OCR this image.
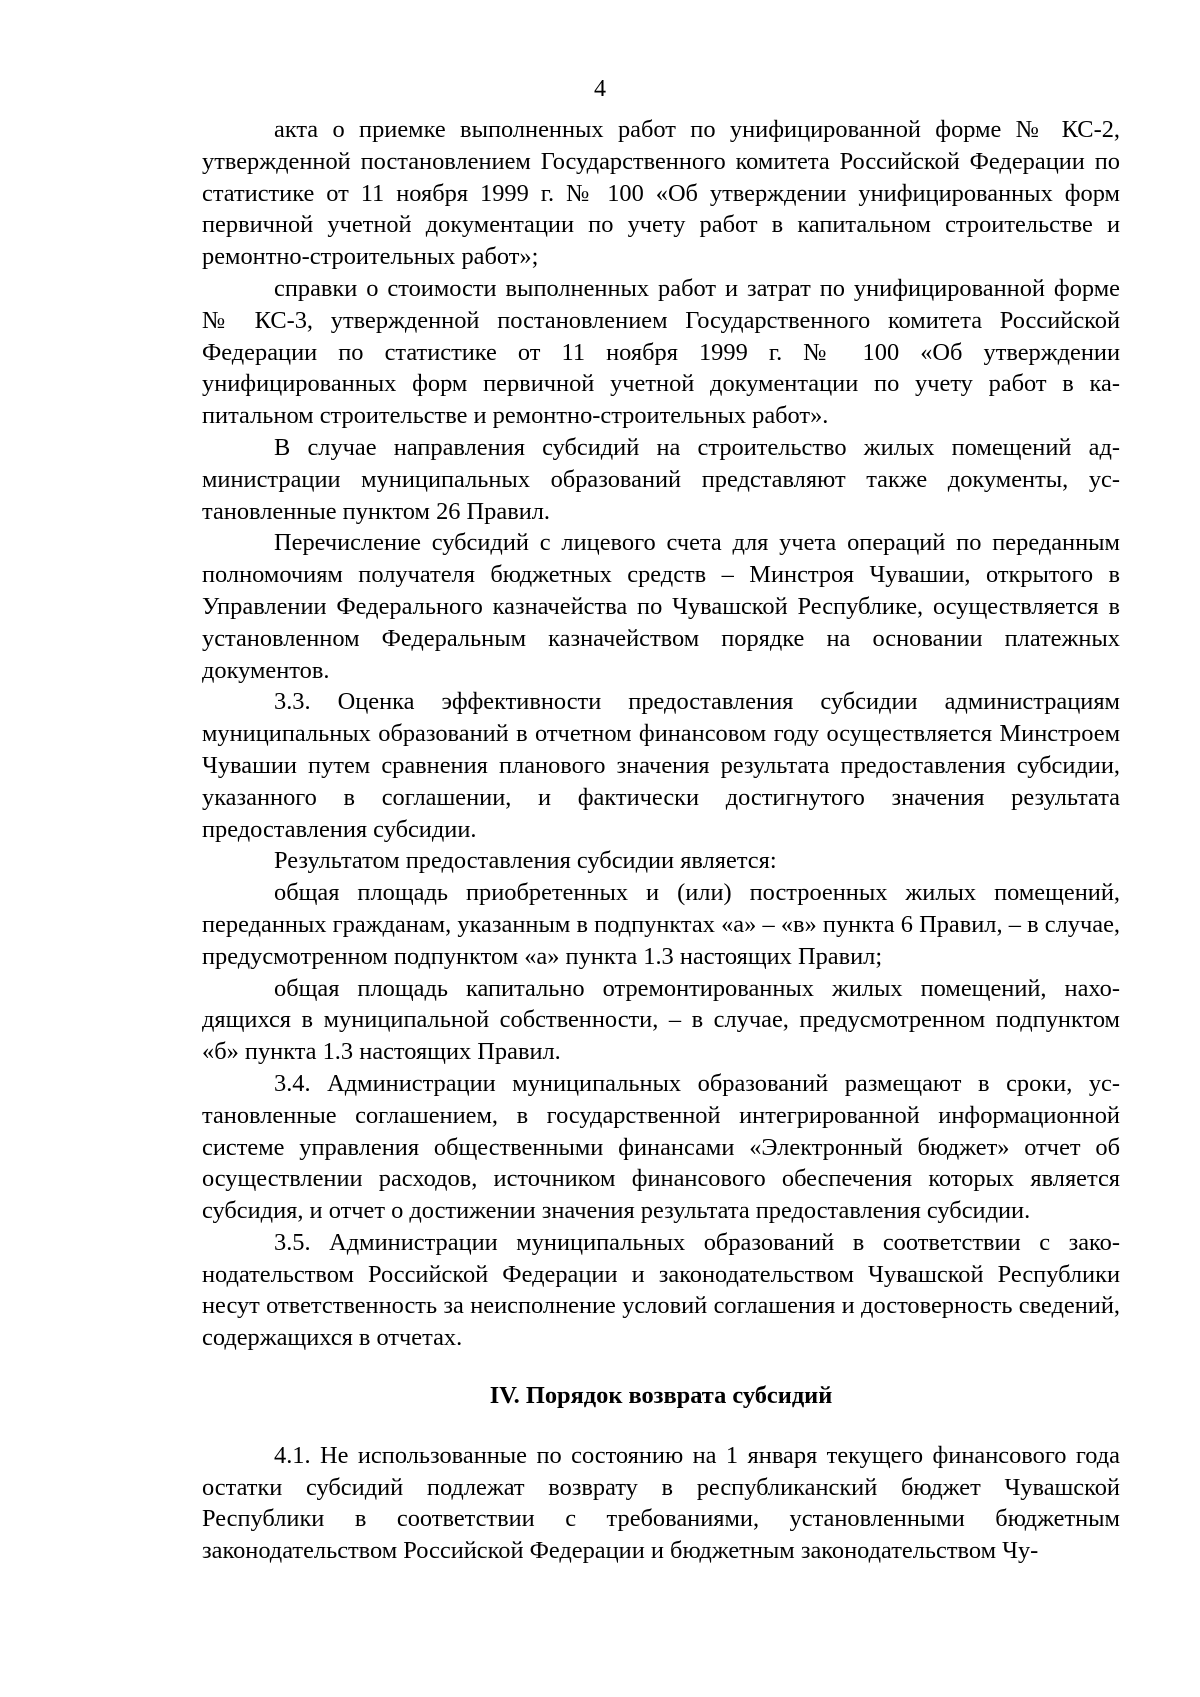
4

акта о приемке выполненных работ по унифицированной форме № КС-2, утвержденной постановлением Государственного комитета Российской Федерации по статистике от 11 ноября 1999 г. № 100 «Об утверждении унифицированных форм первичной учетной документации по учету работ в капитальном строительстве и ремонтно-строительных работ»;

справки о стоимости выполненных работ и затрат по унифицированной форме № КС-3, утвержденной постановлением Государственного комитета Российской Федерации по статистике от 11 ноября 1999 г. № 100 «Об утверждении унифицированных форм первичной учетной документации по учету работ в капитальном строительстве и ремонтно-строительных работ».

В случае направления субсидий на строительство жилых помещений администрации муниципальных образований представляют также документы, установленные пунктом 26 Правил.

Перечисление субсидий с лицевого счета для учета операций по переданным полномочиям получателя бюджетных средств – Минстроя Чувашии, открытого в Управлении Федерального казначейства по Чувашской Республике, осуществляется в установленном Федеральным казначейством порядке на основании платежных документов.

3.3. Оценка эффективности предоставления субсидии администрациям муниципальных образований в отчетном финансовом году осуществляется Минстроем Чувашии путем сравнения планового значения результата предоставления субсидии, указанного в соглашении, и фактически достигнутого значения результата предоставления субсидии.

Результатом предоставления субсидии является:

общая площадь приобретенных и (или) построенных жилых помещений, переданных гражданам, указанным в подпунктах «а» – «в» пункта 6 Правил, – в случае, предусмотренном подпунктом «а» пункта 1.3 настоящих Правил;

общая площадь капитально отремонтированных жилых помещений, находящихся в муниципальной собственности, – в случае, предусмотренном подпунктом «б» пункта 1.3 настоящих Правил.

3.4. Администрации муниципальных образований размещают в сроки, установленные соглашением, в государственной интегрированной информационной системе управления общественными финансами «Электронный бюджет» отчет об осуществлении расходов, источником финансового обеспечения которых является субсидия, и отчет о достижении значения результата предоставления субсидии.

3.5. Администрации муниципальных образований в соответствии с законодательством Российской Федерации и законодательством Чувашской Республики несут ответственность за неисполнение условий соглашения и достоверность сведений, содержащихся в отчетах.

IV. Порядок возврата субсидий

4.1. Не использованные по состоянию на 1 января текущего финансового года остатки субсидий подлежат возврату в республиканский бюджет Чувашской Республики в соответствии с требованиями, установленными бюджетным законодательством Российской Федерации и бюджетным законодательством Чу-
